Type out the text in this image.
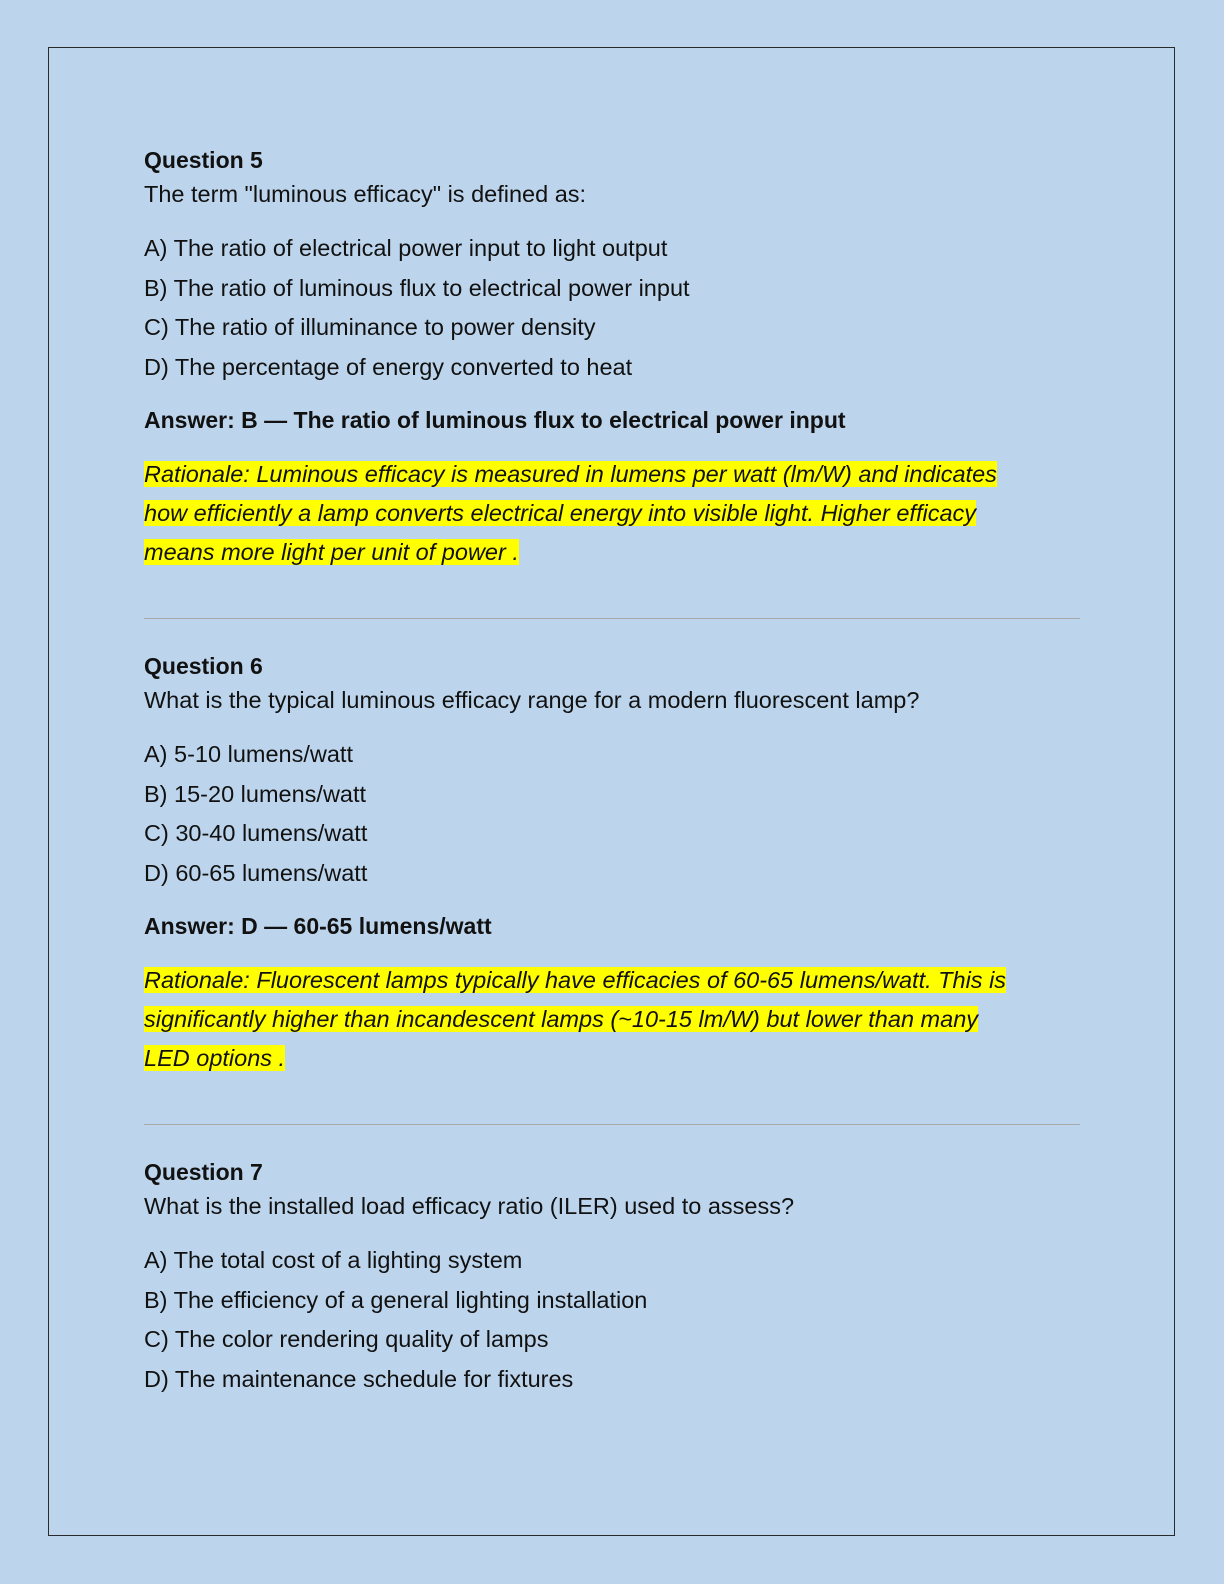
Question 5

The term "luminous efficacy" is defined as:

A) The ratio of electrical power input to light output

B) The ratio of luminous flux to electrical power input

C) The ratio of illuminance to power density

D) The percentage of energy converted to heat

Answer: B — The ratio of luminous flux to electrical power input

Rationale: Luminous efficacy is measured in lumens per watt (lm/W) and indicates
how efficiently a lamp converts electrical energy into visible light. Higher efficacy
means more light per unit of power .

Question 6

What is the typical luminous efficacy range for a modern fluorescent lamp?

A) 5-10 lumens/watt

B) 15-20 lumens/watt

C) 30-40 lumens/watt

D) 60-65 lumens/watt

Answer: D — 60-65 lumens/watt

Rationale: Fluorescent lamps typically have efficacies of 60-65 lumens/watt. This is
significantly higher than incandescent lamps (~10-15 lm/W) but lower than many
LED options .

Question 7

What is the installed load efficacy ratio (ILER) used to assess?

A) The total cost of a lighting system

B) The efficiency of a general lighting installation

C) The color rendering quality of lamps

D) The maintenance schedule for fixtures
